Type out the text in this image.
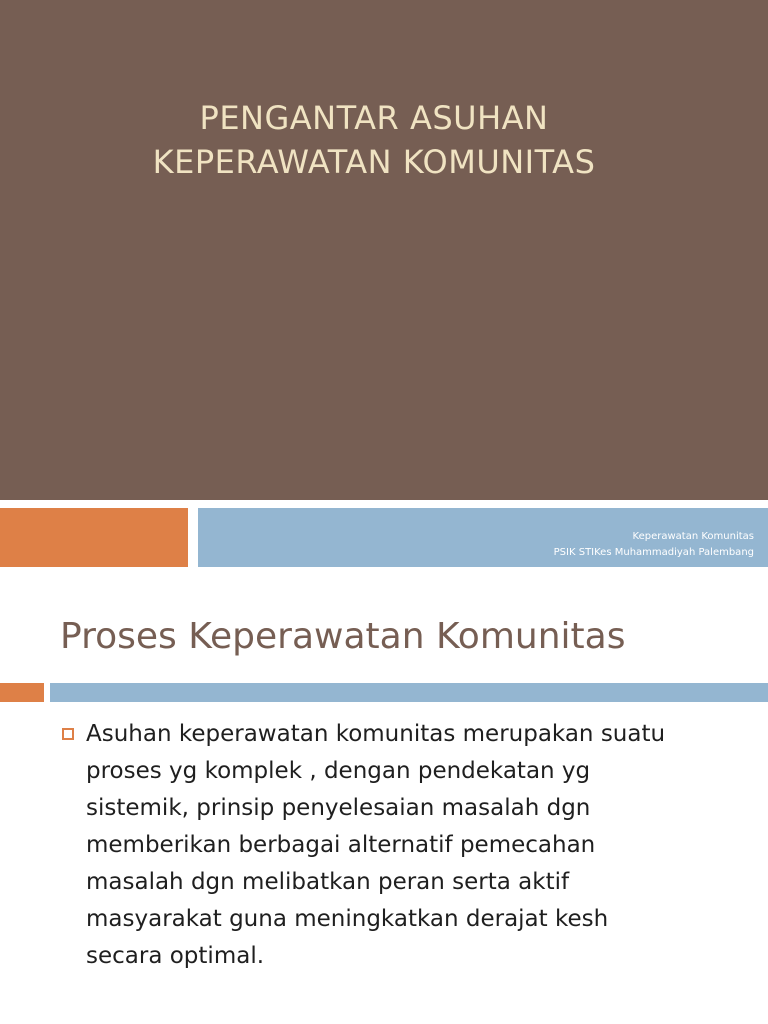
PENGANTAR ASUHAN
KEPERAWATAN KOMUNITAS
Keperawatan Komunitas
PSIK STIKes Muhammadiyah Palembang
Proses Keperawatan Komunitas

Asuhan keperawatan komunitas merupakan suatu
proses yg komplek , dengan pendekatan yg
sistemik, prinsip penyelesaian masalah dgn
memberikan berbagai alternatif pemecahan
masalah dgn melibatkan peran serta aktif
masyarakat guna meningkatkan derajat kesh
secara optimal.
